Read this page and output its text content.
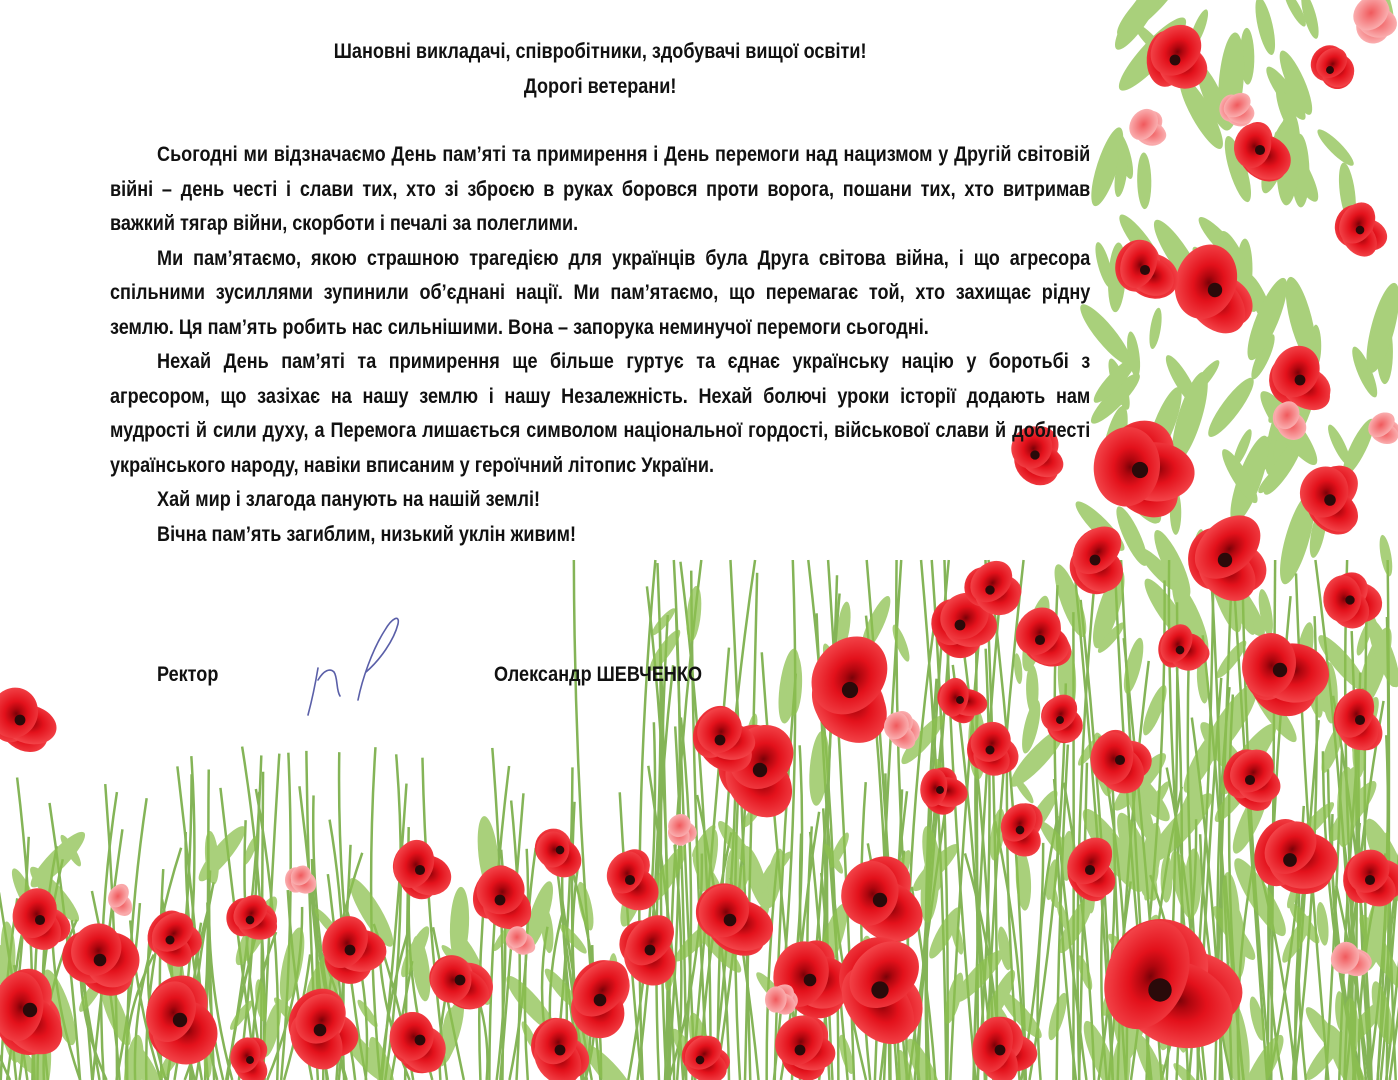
Шановні викладачі, співробітники, здобувачі вищої освіти!

Дорогі ветерани!

Сьогодні ми відзначаємо День пам’яті та примирення і День перемоги над нацизмом у Другій світовій війні – день честі і слави тих, хто зі зброєю в руках боровся проти ворога, пошани тих, хто витримав важкий тягар війни, скорботи і печалі за полеглими.

Ми пам’ятаємо, якою страшною трагедією для українців була Друга світова війна, і що агресора спільними зусиллями зупинили об’єднані нації. Ми пам’ятаємо, що перемагає той, хто захищає рідну землю. Ця пам’ять робить нас сильнішими. Вона – запорука неминучої перемоги сьогодні.

Нехай День пам’яті та примирення ще більше гуртує та єднає українську націю у боротьбі з агресором, що зазіхає на нашу землю і нашу Незалежність. Нехай болючі уроки історії додають нам мудрості й сили духу, а Перемога лишається символом національної гордості, військової слави й доблесті українського народу, навіки вписаним у героїчний літопис України.

Хай мир і злагода панують на нашій землі!

Вічна пам’ять загиблим, низький уклін живим!

Ректор	Олександр ШЕВЧЕНКО
